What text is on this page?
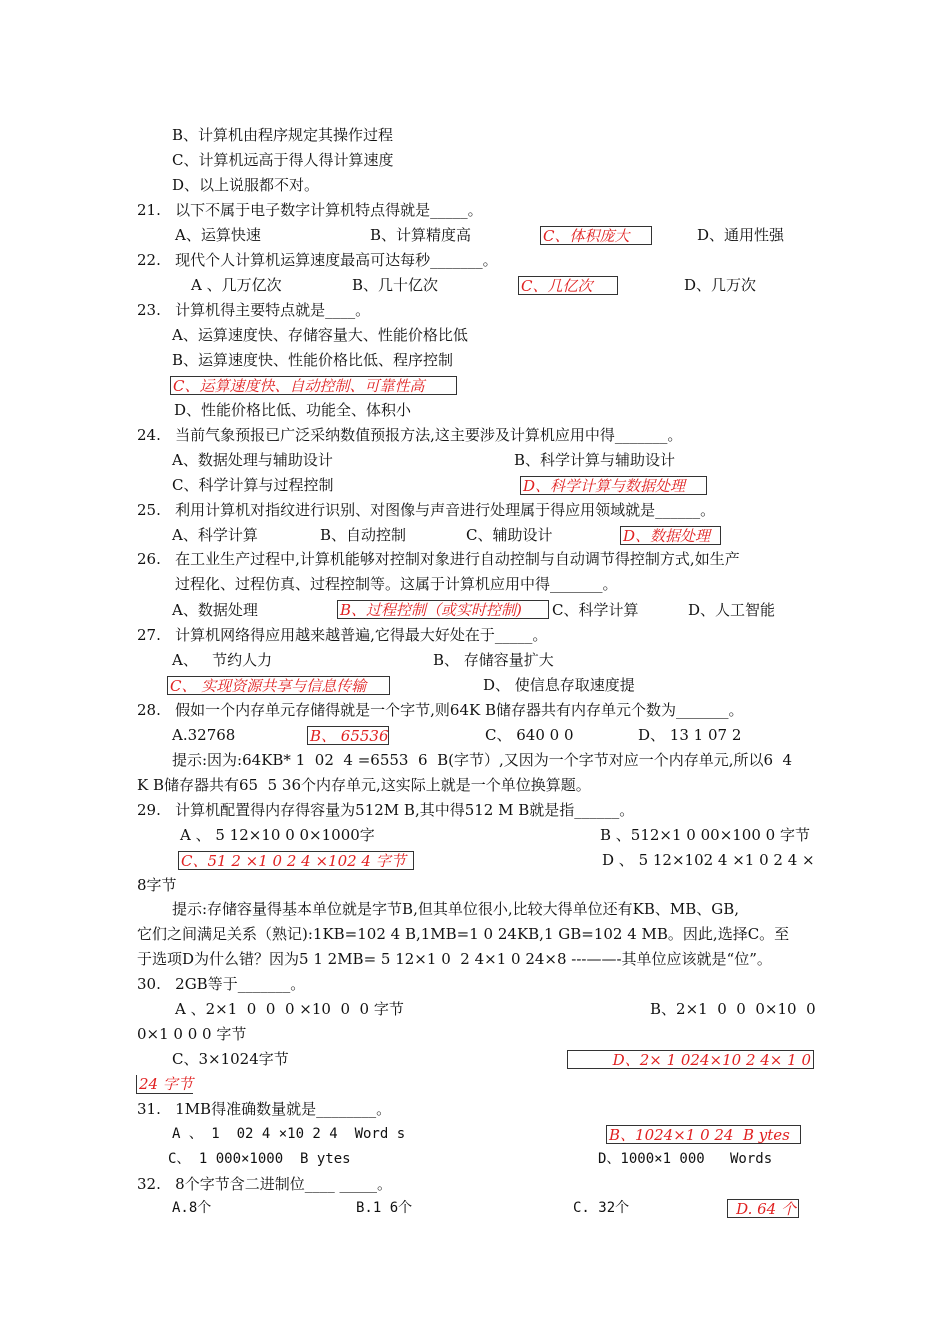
B、计算机由程序规定其操作过程
C、计算机远高于得人得计算速度
D、以上说服都不对。
21.   以下不属于电子数字计算机特点得就是_____。
A、运算快速	B、计算精度高	D、通用性强
22.   现代个人计算机运算速度最高可达每秒_______。
A 、几万亿次	B、几十亿次	D、几万次
23.   计算机得主要特点就是____。
A、运算速度快、存储容量大、性能价格比低
B、运算速度快、性能价格比低、程序控制
D、性能价格比低、功能全、体积小
24.   当前气象预报已广泛采纳数值预报方法,这主要涉及计算机应用中得_______。
A、数据处理与辅助设计	B、科学计算与辅助设计
C、科学计算与过程控制
25.   利用计算机对指纹进行识别、对图像与声音进行处理属于得应用领域就是______。
A、科学计算	B、自动控制	C、辅助设计
26.   在工业生产过程中,计算机能够对控制对象进行自动控制与自动调节得控制方式,如生产
过程化、过程仿真、过程控制等。这属于计算机应用中得_______。
A、数据处理	C、科学计算	D、人工智能
27.   计算机网络得应用越来越普遍,它得最大好处在于_____。
A、   节约人力	B、 存储容量扩大
D、 使信息存取速度提
28.   假如一个内存单元存储得就是一个字节,则64K B储存器共有内存单元个数为_______。
A.32768	C、 640 0 0	D、 13 1 07 2
提示:因为:64KB* 1  02  4 =6553  6  B(字节）,又因为一个字节对应一个内存单元,所以6  4
K B储存器共有65  5 36个内存单元,这实际上就是一个单位换算题。
29.   计算机配置得内存得容量为512M B,其中得512 M B就是指______。
A 、 5 12×10 0 0×1000字	B 、512×1 0 00×100 0 字节
D 、 5 12×102 4 ×1 0 2 4 ×
8字节
提示:存储容量得基本单位就是字节B,但其单位很小,比较大得单位还有KB、MB、GB,
它们之间满足关系（熟记):1KB=102 4 B,1MB=1 0 24KB,1 GB=102 4 MB。因此,选择C。至
于选项D为什么错？因为5 1 2MB= 5 12×1 0  2 4×1 0 24×8 ---——-其单位应该就是“位”。
30.   2GB等于_______。
A 、2×1  0  0  0 ×10  0  0 字节	B、2×1  0  0  0×10  0
0×1 0 0 0 字节
C、3×1024字节
31.   1MB得准确数量就是________。
A 、 1  02 4 ×10 2 4  Word s
C、 1 000×1000  B ytes	D、1000×1 000   Words
32.   8个字节含二进制位____ _____。
A.8个	B.1 6个	C. 32个
C、体积庞大
C、几亿次
C、运算速度快、自动控制、可靠性高
D、科学计算与数据处理
D、数据处理
B、过程控制（或实时控制)
C、 实现资源共享与信息传输
B、 65536
C、51 2 ×1 0 2 4 ×102 4 字节
D、2× 1 024×10 2 4× 1 0
24 字节
B、1024×1 0 24  B ytes
D. 64 个
